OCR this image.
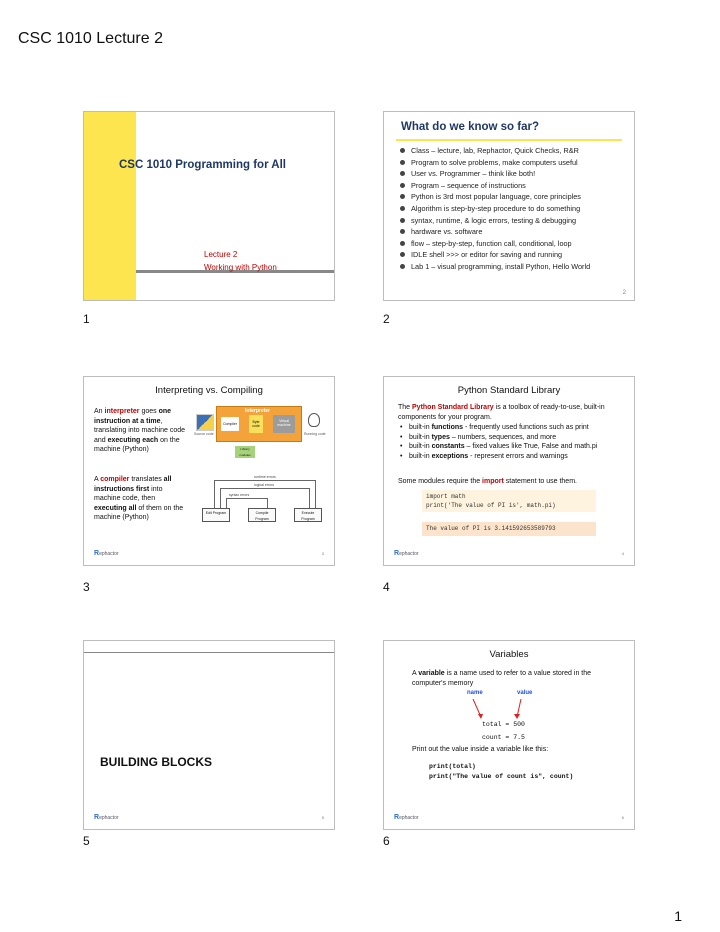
CSC 1010 Lecture 2
CSC 1010 Programming for All
Lecture 2
Working with Python
1
What do we know so far?
• Class – lecture, lab, Rephactor, Quick Checks, R&R
• Program to solve problems, make computers useful
• User vs. Programmer – think like both!
• Program – sequence of instructions
• Python is 3rd most popular language, core principles
• Algorithm is step-by-step procedure to do something
• syntax, runtime, & logic errors, testing & debugging
• hardware vs. software
• flow – step-by-step, function call, conditional, loop
• IDLE shell >>> or editor for saving and running
• Lab 1 – visual programming, install Python, Hello World
2
2
Interpreting vs. Compiling
An interpreter goes one instruction at a time, translating into machine code and executing each on the machine (Python)
A compiler translates all instructions first into machine code, then executing all of them on the machine (Python)
Source code
Interpreter
Compiler	Byte code
Virtual machine
Running code
Library modules
runtime errors
logical errors
syntax errors
Edit Program	Compile Program
Execute Program
Rephactor	3
3
Python Standard Library
The Python Standard Library is a toolbox of ready-to-use, built-in components for your program.
• built-in functions - frequently used functions such as print
• built-in types – numbers, sequences, and more
• built-in constants – fixed values like True, False and math.pi
• built-in exceptions - represent errors and warnings
Some modules require the import statement to use them.
import math
print('The value of PI is', math.pi)
The value of PI is 3.141592653589793
Rephactor	4
4
BUILDING BLOCKS
Rephactor	5
5
Variables
A variable is a name used to refer to a value stored in the computer's memory
name	value
total = 500
count = 7.5
Print out the value inside a variable like this:
print(total)
print("The value of count is", count)
Rephactor	6
6
1
